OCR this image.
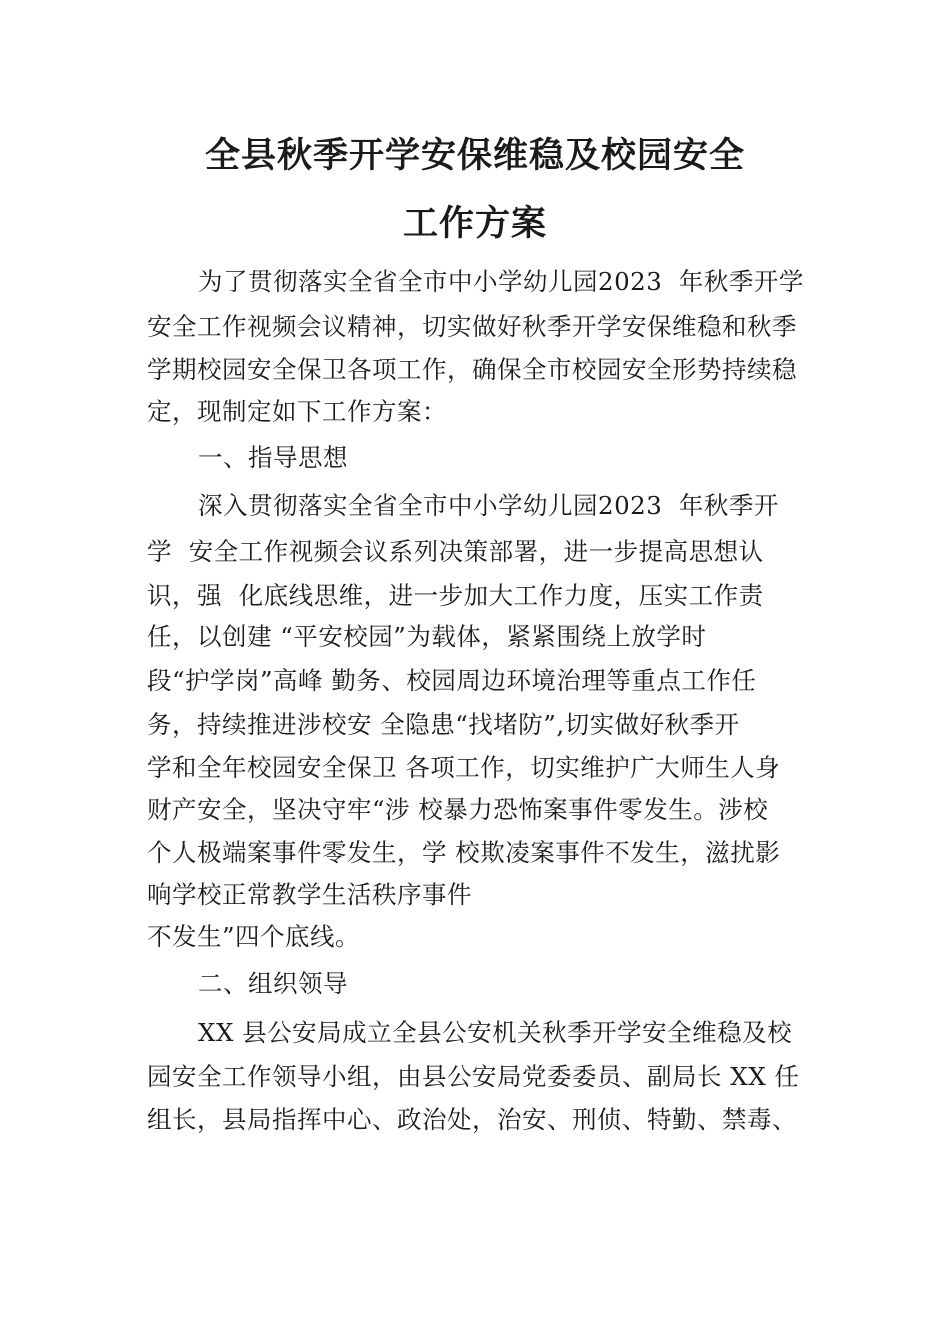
全县秋季开学安保维稳及校园安全
工作方案
为了贯彻落实全省全市中小学幼儿园2023  年秋季开学
安全工作视频会议精神，切实做好秋季开学安保维稳和秋季
学期校园安全保卫各项工作，确保全市校园安全形势持续稳
定，现制定如下工作方案：
一、指导思想
深入贯彻落实全省全市中小学幼儿园2023  年秋季开
学  安全工作视频会议系列决策部署，进一步提高思想认
识，强  化底线思维，进一步加大工作力度，压实工作责
任，以创建 “平安校园”为载体，紧紧围绕上放学时
段“护学岗”高峰 勤务、校园周边环境治理等重点工作任
务，持续推进涉校安 全隐患“找堵防”,切实做好秋季开
学和全年校园安全保卫 各项工作，切实维护广大师生人身
财产安全，坚决守牢“涉 校暴力恐怖案事件零发生。涉校
个人极端案事件零发生，学 校欺凌案事件不发生，滋扰影
响学校正常教学生活秩序事件
不发生”四个底线。
二、组织领导
XX 县公安局成立全县公安机关秋季开学安全维稳及校
园安全工作领导小组，由县公安局党委委员、副局长 XX 任
组长，县局指挥中心、政治处，治安、刑侦、特勤、禁毒、
